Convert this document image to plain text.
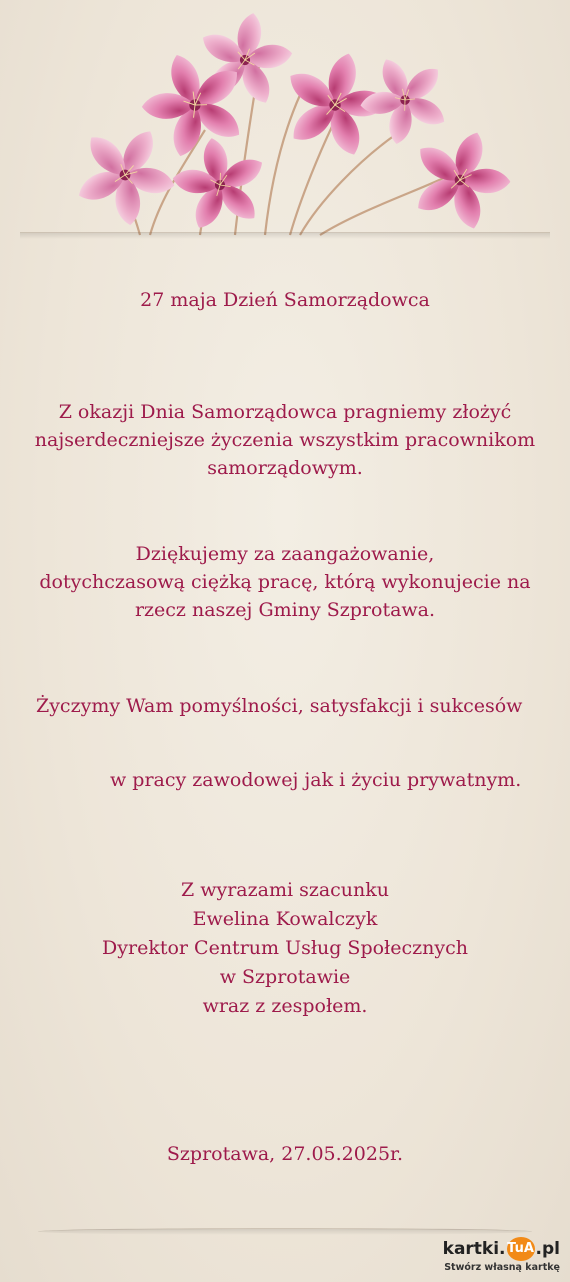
27 maja Dzień Samorządowca

Z okazji Dnia Samorządowca pragniemy złożyć
najserdeczniejsze życzenia wszystkim pracownikom
samorządowym.

Dziękujemy za zaangażowanie,
dotychczasową ciężką pracę, którą wykonujecie na
rzecz naszej Gminy Szprotawa.

Życzymy Wam pomyślności, satysfakcji i sukcesów

w pracy zawodowej jak i życiu prywatnym.

Z wyrazami szacunku
Ewelina Kowalczyk
Dyrektor Centrum Usług Społecznych
w Szprotawie
wraz z zespołem.

Szprotawa, 27.05.2025r.

kartki. TuA .pl
Stwórz własną kartkę
